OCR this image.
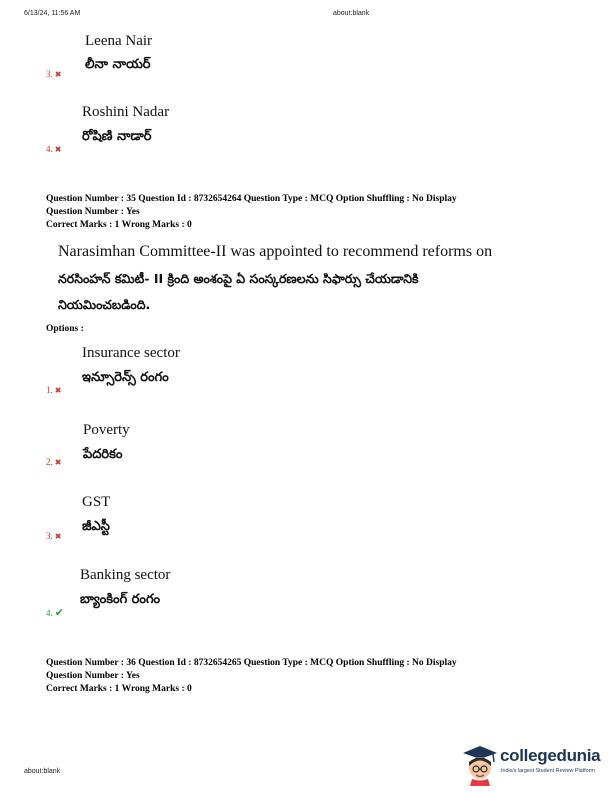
6/13/24, 11:56 AM	about:blank
Leena Nair
లీనా నాయర్
3. ✖
Roshini Nadar
రోషిణి నాడార్
4. ✖
Question Number : 35 Question Id : 8732654264 Question Type : MCQ Option Shuffling : No Display
Question Number : Yes
Correct Marks : 1 Wrong Marks : 0
Narasimhan Committee-II was appointed to recommend reforms on
నరసింహన్ కమిటీ- II క్రింది అంశంపై ఏ సంస్కరణలను సిఫార్సు చేయడానికి
నియమించబడింది.
Options :
Insurance sector
ఇన్సూరెన్స్ రంగం
1. ✖
Poverty
పేదరికం
2. ✖
GST
జీఎస్టీ
3. ✖
Banking sector
బ్యాంకింగ్ రంగం
4. ✔
Question Number : 36 Question Id : 8732654265 Question Type : MCQ Option Shuffling : No Display
Question Number : Yes
Correct Marks : 1 Wrong Marks : 0
about:blank
collegedunia
India's largest Student Review Platform
